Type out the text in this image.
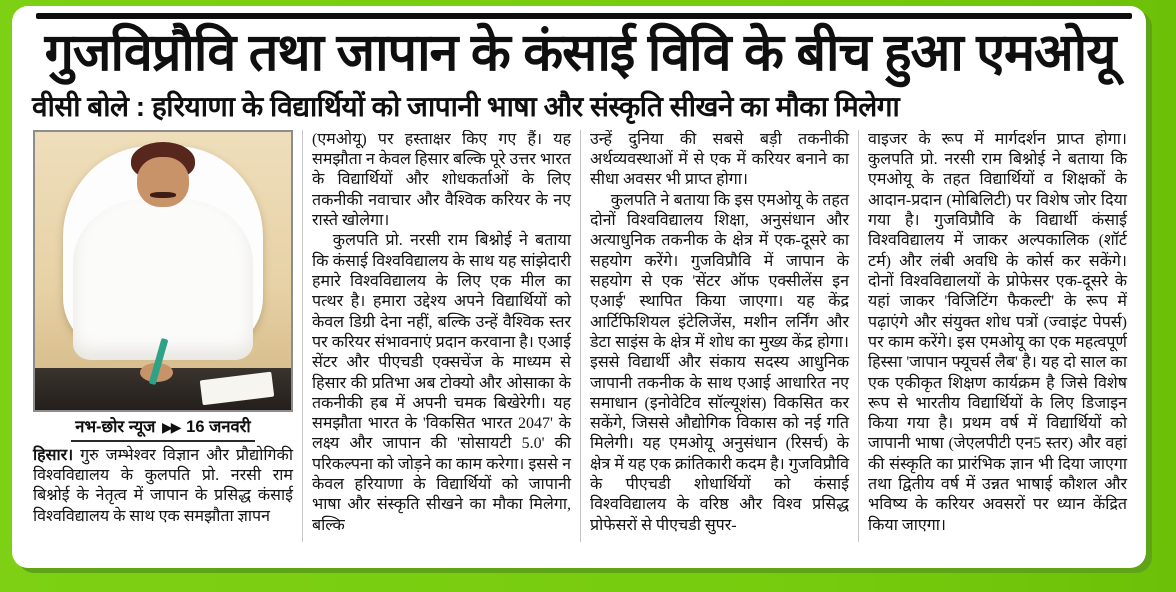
गुजविप्रौवि तथा जापान के कंसाई विवि के बीच हुआ एमओयू
वीसी बोले : हरियाणा के विद्यार्थियों को जापानी भाषा और संस्कृति सीखने का मौका मिलेगा
नभ-छोर न्यूज ▶▶ 16 जनवरी

हिसार। गुरु जम्भेश्वर विज्ञान और प्रौद्योगिकी विश्वविद्यालय के कुलपति प्रो. नरसी राम बिश्नोई के नेतृत्व में जापान के प्रसिद्ध कंसाई विश्वविद्यालय के साथ एक समझौता ज्ञापन

(एमओयू) पर हस्ताक्षर किए गए हैं। यह समझौता न केवल हिसार बल्कि पूरे उत्तर भारत के विद्यार्थियों और शोधकर्ताओं के लिए तकनीकी नवाचार और वैश्विक करियर के नए रास्ते खोलेगा।

कुलपति प्रो. नरसी राम बिश्नोई ने बताया कि कंसाई विश्वविद्यालय के साथ यह सांझेदारी हमारे विश्वविद्यालय के लिए एक मील का पत्थर है। हमारा उद्देश्य अपने विद्यार्थियों को केवल डिग्री देना नहीं, बल्कि उन्हें वैश्विक स्तर पर करियर संभावनाएं प्रदान करवाना है। एआई सेंटर और पीएचडी एक्सचेंज के माध्यम से हिसार की प्रतिभा अब टोक्यो और ओसाका के तकनीकी हब में अपनी चमक बिखेरेगी। यह समझौता भारत के 'विकसित भारत 2047' के लक्ष्य और जापान की 'सोसायटी 5.0' की परिकल्पना को जोड़ने का काम करेगा। इससे न केवल हरियाणा के विद्यार्थियों को जापानी भाषा और संस्कृति सीखने का मौका मिलेगा, बल्कि

उन्हें दुनिया की सबसे बड़ी तकनीकी अर्थव्यवस्थाओं में से एक में करियर बनाने का सीधा अवसर भी प्राप्त होगा।

कुलपति ने बताया कि इस एमओयू के तहत दोनों विश्वविद्यालय शिक्षा, अनुसंधान और अत्याधुनिक तकनीक के क्षेत्र में एक-दूसरे का सहयोग करेंगे। गुजविप्रौवि में जापान के सहयोग से एक 'सेंटर ऑफ एक्सीलेंस इन एआई' स्थापित किया जाएगा। यह केंद्र आर्टिफिशियल इंटेलिजेंस, मशीन लर्निंग और डेटा साइंस के क्षेत्र में शोध का मुख्य केंद्र होगा। इससे विद्यार्थी और संकाय सदस्य आधुनिक जापानी तकनीक के साथ एआई आधारित नए समाधान (इनोवेटिव सॉल्यूशंस) विकसित कर सकेंगे, जिससे औद्योगिक विकास को नई गति मिलेगी। यह एमओयू अनुसंधान (रिसर्च) के क्षेत्र में यह एक क्रांतिकारी कदम है। गुजविप्रौवि के पीएचडी शोधार्थियों को कंसाई विश्वविद्यालय के वरिष्ठ और विश्व प्रसिद्ध प्रोफेसरों से पीएचडी सुपर-

वाइजर के रूप में मार्गदर्शन प्राप्त होगा। कुलपति प्रो. नरसी राम बिश्नोई ने बताया कि एमओयू के तहत विद्यार्थियों व शिक्षकों के आदान-प्रदान (मोबिलिटी) पर विशेष जोर दिया गया है। गुजविप्रौवि के विद्यार्थी कंसाई विश्वविद्यालय में जाकर अल्पकालिक (शॉर्ट टर्म) और लंबी अवधि के कोर्स कर सकेंगे। दोनों विश्वविद्यालयों के प्रोफेसर एक-दूसरे के यहां जाकर 'विजिटिंग फैकल्टी' के रूप में पढ़ाएंगे और संयुक्त शोध पत्रों (ज्वाइंट पेपर्स) पर काम करेंगे। इस एमओयू का एक महत्वपूर्ण हिस्सा 'जापान फ्यूचर्स लैब' है। यह दो साल का एक एकीकृत शिक्षण कार्यक्रम है जिसे विशेष रूप से भारतीय विद्यार्थियों के लिए डिजाइन किया गया है। प्रथम वर्ष में विद्यार्थियों को जापानी भाषा (जेएलपीटी एन5 स्तर) और वहां की संस्कृति का प्रारंभिक ज्ञान भी दिया जाएगा तथा द्वितीय वर्ष में उन्नत भाषाई कौशल और भविष्य के करियर अवसरों पर ध्यान केंद्रित किया जाएगा।
